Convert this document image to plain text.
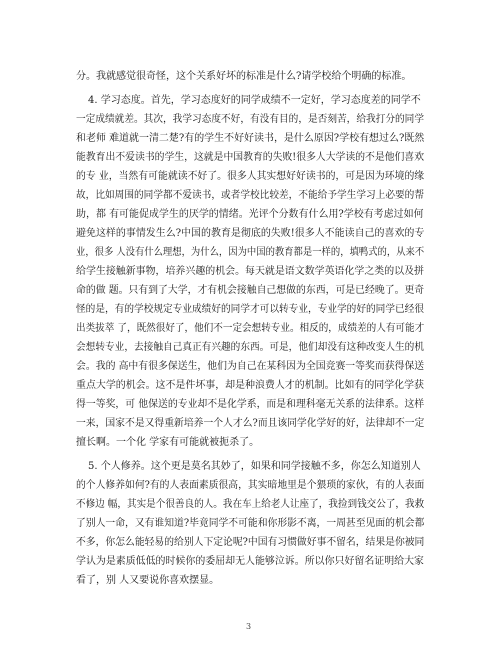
分。我就感觉很奇怪，这个关系好坏的标准是什么?请学校给个明确的标准。
4. 学习态度。首先，学习态度好的同学成绩不一定好，学习态度差的同学不
一定成绩就差。其次，我学习态度不好，有没有目的，是否刻苦，给我打分的同学
和老师 难道就一清二楚?有的学生不好好读书，是什么原因?学校有想过么?既然
能教育出不爱读书的学生，这就是中国教育的失败!很多人大学读的不是他们喜欢
的专 业，当然有可能就读不好了。很多人其实想好好读书的，可是因为环境的缘
故，比如周围的同学都不爱读书，或者学校比较差，不能给予学生学习上必要的帮
助，都 有可能促成学生的厌学的情绪。光评个分数有什么用?学校有考虑过如何
避免这样的事情发生么?中国的教育是彻底的失败!很多人不能读自己的喜欢的专
业，很多 人没有什么理想，为什么，因为中国的教育都是一样的，填鸭式的，从来不
给学生接触新事物，培养兴趣的机会。每天就是语文数学英语化学之类的以及拼
命的做 题。只有到了大学，才有机会接触自己想做的东西，可是已经晚了。更奇
怪的是，有的学校规定专业成绩好的同学才可以转专业，专业学的好的同学已经很
出类拔萃 了，既然很好了，他们不一定会想转专业。相反的，成绩差的人有可能才
会想转专业，去接触自己真正有兴趣的东西。可是，他们却没有这种改变人生的机
会。我的 高中有很多保送生，他们为自己在某科因为全国竞赛一等奖而获得保送
重点大学的机会。这不是件坏事，却是种浪费人才的机制。比如有的同学化学获
得一等奖，可 他保送的专业却不是化学系，而是和理科毫无关系的法律系。这样
一来，国家不是又得重新培养一个人才么?而且该同学化学好的好，法律却不一定
擅长啊。一个化 学家有可能就被扼杀了。
5. 个人修养。这个更是莫名其妙了，如果和同学接触不多，你怎么知道别人
的个人修养如何?有的人表面素质很高，其实暗地里是个猥琐的家伙，有的人表面
不修边 幅，其实是个很善良的人。我在车上给老人让座了，我捡到钱交公了，我救
了别人一命，又有谁知道?毕竟同学不可能和你形影不离，一周甚至见面的机会都
不多，你怎么能轻易的给别人下定论呢?中国有习惯做好事不留名，结果是你被同
学认为是素质低低的时候你的委屈却无人能够泣诉。所以你只好留名证明给大家
看了，别 人又要说你喜欢摆显。
3
